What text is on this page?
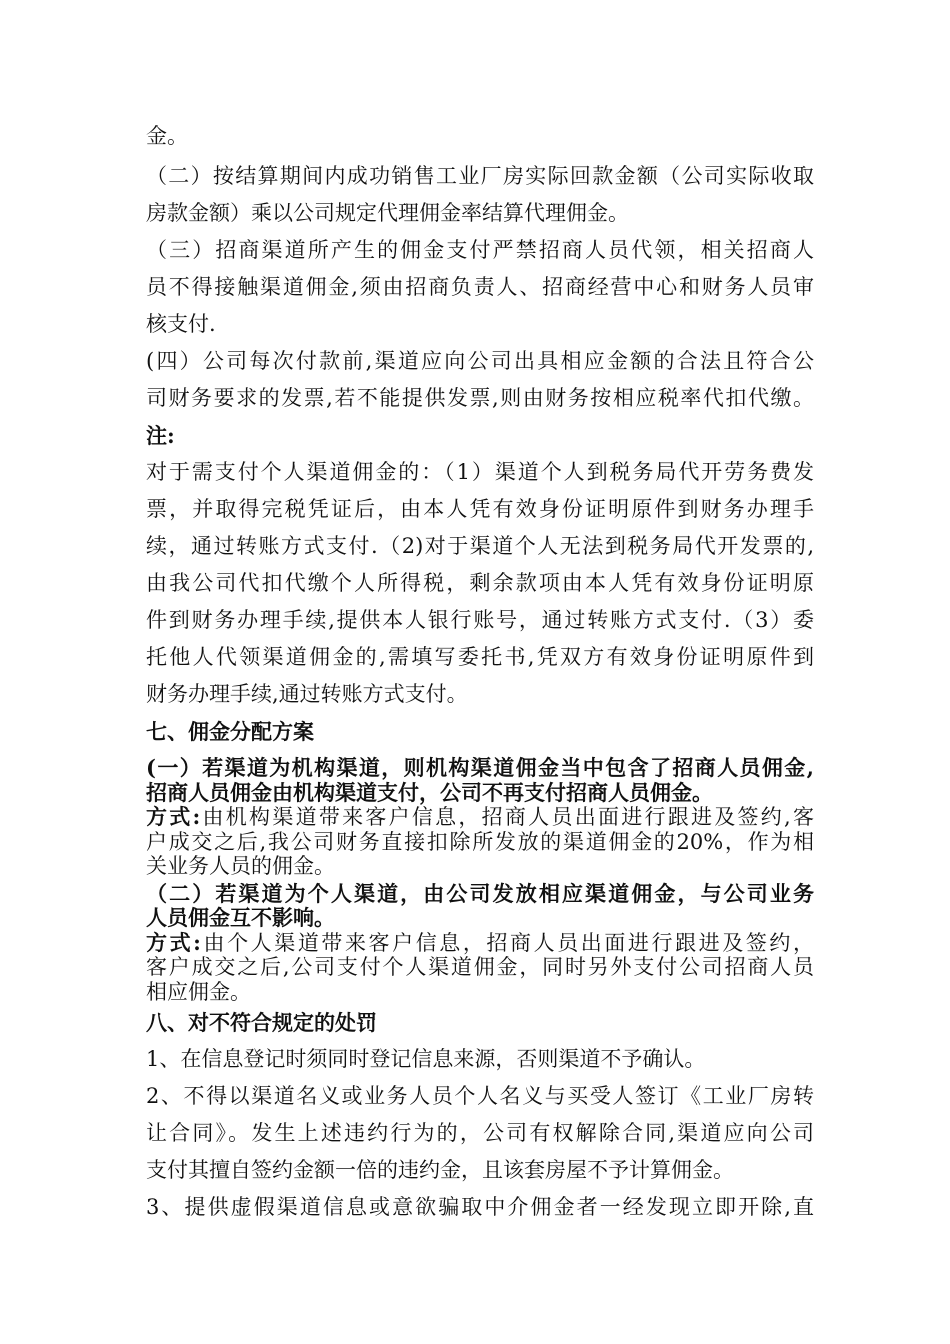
金。
（二）按结算期间内成功销售工业厂房实际回款金额（公司实际收取
房款金额）乘以公司规定代理佣金率结算代理佣金。
（三）招商渠道所产生的佣金支付严禁招商人员代领，相关招商人
员不得接触渠道佣金,须由招商负责人、招商经营中心和财务人员审
核支付.
(四）公司每次付款前,渠道应向公司出具相应金额的合法且符合公
司财务要求的发票,若不能提供发票,则由财务按相应税率代扣代缴。
注:
对于需支付个人渠道佣金的：（1）渠道个人到税务局代开劳务费发
票，并取得完税凭证后，由本人凭有效身份证明原件到财务办理手
续，通过转账方式支付.（2)对于渠道个人无法到税务局代开发票的,
由我公司代扣代缴个人所得税，剩余款项由本人凭有效身份证明原
件到财务办理手续,提供本人银行账号，通过转账方式支付.（3）委
托他人代领渠道佣金的,需填写委托书,凭双方有效身份证明原件到
财务办理手续,通过转账方式支付。
七、佣金分配方案
(一）若渠道为机构渠道，则机构渠道佣金当中包含了招商人员佣金,
招商人员佣金由机构渠道支付，公司不再支付招商人员佣金。
方式:由机构渠道带来客户信息，招商人员出面进行跟进及签约,客
户成交之后,我公司财务直接扣除所发放的渠道佣金的20%，作为相
关业务人员的佣金。
（二）若渠道为个人渠道，由公司发放相应渠道佣金，与公司业务
人员佣金互不影响。
方式:由个人渠道带来客户信息，招商人员出面进行跟进及签约，
客户成交之后,公司支付个人渠道佣金，同时另外支付公司招商人员
相应佣金。
八、对不符合规定的处罚
1、在信息登记时须同时登记信息来源，否则渠道不予确认。
2、不得以渠道名义或业务人员个人名义与买受人签订《工业厂房转
让合同》。发生上述违约行为的，公司有权解除合同,渠道应向公司
支付其擅自签约金额一倍的违约金，且该套房屋不予计算佣金。
3、提供虚假渠道信息或意欲骗取中介佣金者一经发现立即开除,直
